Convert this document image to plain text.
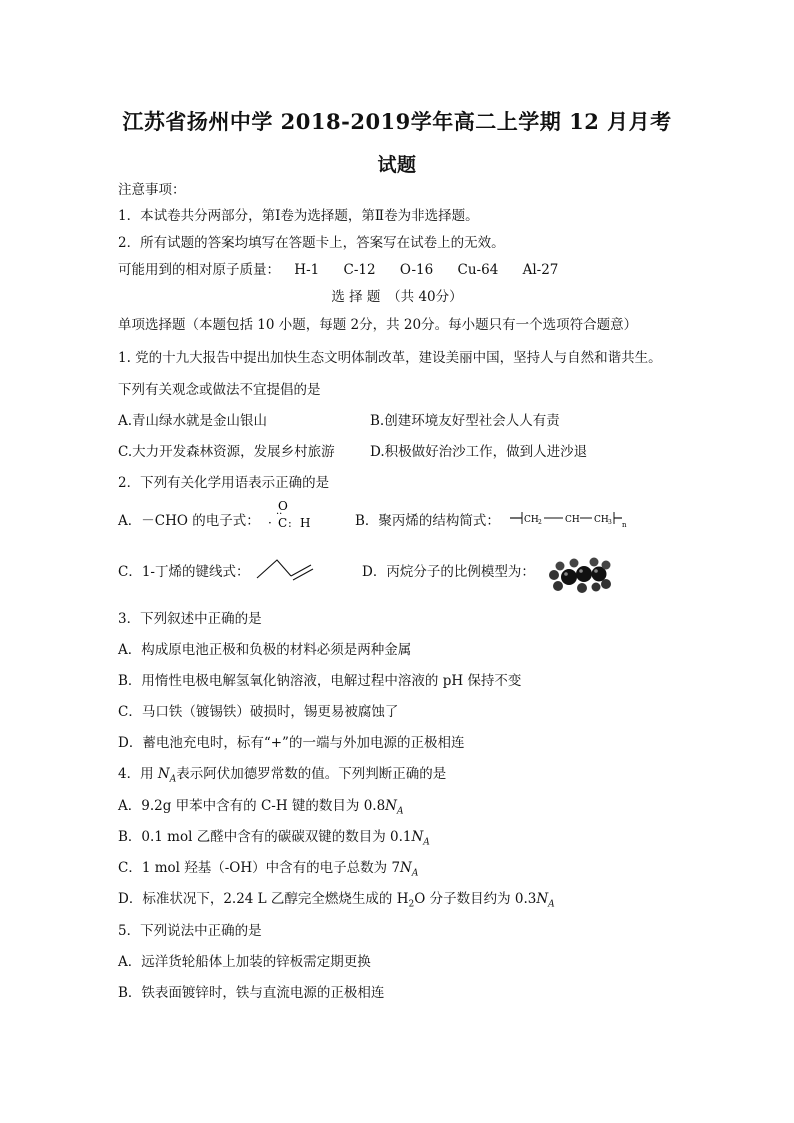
江苏省扬州中学 2018-2019学年高二上学期 12 月月考
试题
注意事项：
1．本试卷共分两部分，第Ⅰ卷为选择题，第Ⅱ卷为非选择题。
2．所有试题的答案均填写在答题卡上，答案写在试卷上的无效。
可能用到的相对原子质量： H-1 C-12 O-16 Cu-64 Al-27
选 择 题　（共 40分）
单项选择题（本题包括 10 小题，每题 2分，共 20分。每小题只有一个选项符合题意）
1. 党的十九大报告中提出加快生态文明体制改革，建设美丽中国，坚持人与自然和谐共生。
下列有关观念或做法不宜提倡的是
A.青山绿水就是金山银山	B.创建环境友好型社会人人有责
C.大力开发森林资源，发展乡村旅游	D.积极做好治沙工作，做到人进沙退
2．下列有关化学用语表示正确的是
A．－CHO 的电子式：
O
··
· C : H	B．聚丙烯的结构简式：	CH 2	CH CH 3 n
C．1-丁烯的键线式：	D．丙烷分子的比例模型为：
3．下列叙述中正确的是
A．构成原电池正极和负极的材料必须是两种金属
B．用惰性电极电解氢氧化钠溶液，电解过程中溶液的 pH 保持不变
C．马口铁（镀锡铁）破损时，锡更易被腐蚀了
D．蓄电池充电时，标有“+”的一端与外加电源的正极相连
4．用 $N_A$表示阿伏加德罗常数的值。下列判断正确的是
A．9.2g 甲苯中含有的 C-H 键的数目为 $0.8N_A$
B．0.1 mol 乙醛中含有的碳碳双键的数目为 $0.1N_A$
C．1 mol 羟基（-OH）中含有的电子总数为 $7N_A$
D．标准状况下，2.24 L 乙醇完全燃烧生成的 $H_2O$ 分子数目约为 $0.3N_A$
5．下列说法中正确的是
A．远洋货轮船体上加装的锌板需定期更换
B．铁表面镀锌时，铁与直流电源的正极相连
